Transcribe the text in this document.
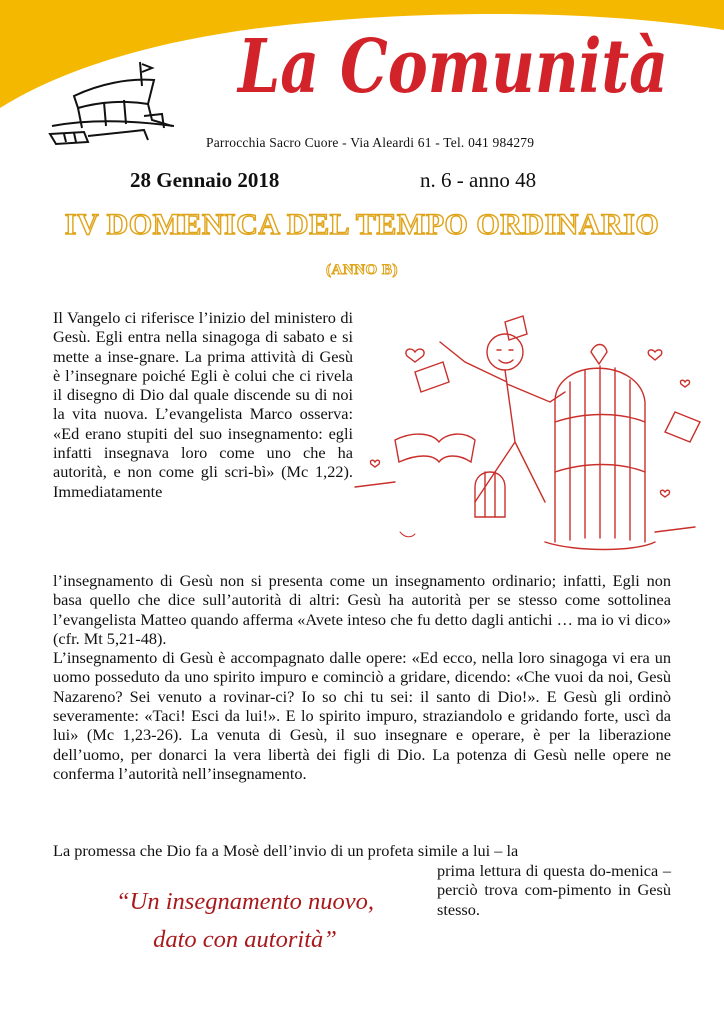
La Comunità
Parrocchia Sacro Cuore - Via Aleardi 61 - Tel. 041 984279
28 Gennaio 2018	n. 6 - anno 48
IV DOMENICA DEL TEMPO ORDINARIO
(ANNO B)

Il Vangelo ci riferisce l’inizio del ministero di Gesù. Egli entra nella sinagoga di sabato e si mette a inse-gnare. La prima attività di Gesù è l’insegnare poiché Egli è colui che ci rivela il disegno di Dio dal quale discende su di noi la vita nuova. L’evangelista Marco osserva: «Ed erano stupiti del suo insegnamento: egli infatti insegnava loro come uno che ha autorità, e non come gli scri-bì» (Mc 1,22). Immediatamente

l’insegnamento di Gesù non si presenta come un insegnamento ordinario; infatti, Egli non basa quello che dice sull’autorità di altri: Gesù ha autorità per se stesso come sottolinea l’evangelista Matteo quando afferma «Avete inteso che fu detto dagli antichi … ma io vi dico» (cfr. Mt 5,21-48).

L’insegnamento di Gesù è accompagnato dalle opere: «Ed ecco, nella loro sinagoga vi era un uomo posseduto da uno spirito impuro e cominciò a gridare, dicendo: «Che vuoi da noi, Gesù Nazareno? Sei venuto a rovinar-ci? Io so chi tu sei: il santo di Dio!». E Gesù gli ordinò severamente: «Taci! Esci da lui!». E lo spirito impuro, straziandolo e gridando forte, uscì da lui» (Mc 1,23-26). La venuta di Gesù, il suo insegnare e operare, è per la liberazione dell’uomo, per donarci la vera libertà dei figli di Dio. La potenza di Gesù nelle opere ne conferma l’autorità nell’insegnamento.

La promessa che Dio fa a Mosè dell’invio di un profeta simile a lui – la

prima lettura di questa do-menica – perciò trova com-pimento in Gesù stesso.

“Un insegnamento nuovo,
dato con autorità”
